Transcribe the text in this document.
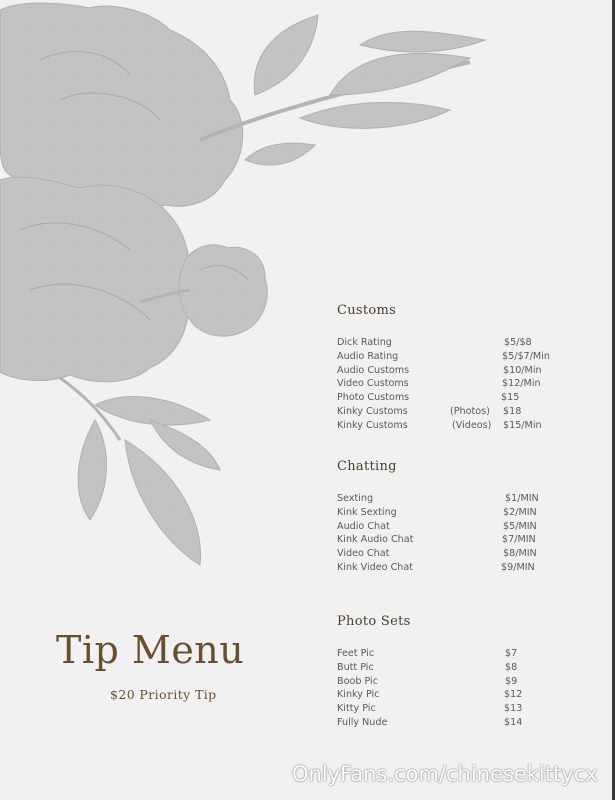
Customs
Dick Rating	$5/$8
Audio Rating	$5/$7/Min
Audio Customs	$10/Min
Video Customs	$12/Min
Photo Customs	$15
Kinky Customs	(Photos) $18
Kinky Customs	(Videos) $15/Min
Chatting
Sexting	$1/MIN
Kink Sexting	$2/MIN
Audio Chat	$5/MIN
Kink Audio Chat	$7/MIN
Video Chat	$8/MIN
Kink Video Chat	$9/MIN
Photo Sets
Feet Pic	$7
Butt Pic	$8
Boob Pic	$9
Kinky Pic	$12
Kitty Pic	$13
Fully Nude	$14
Tip Menu
$20 Priority Tip
OnlyFans.com/chinesekittycx
